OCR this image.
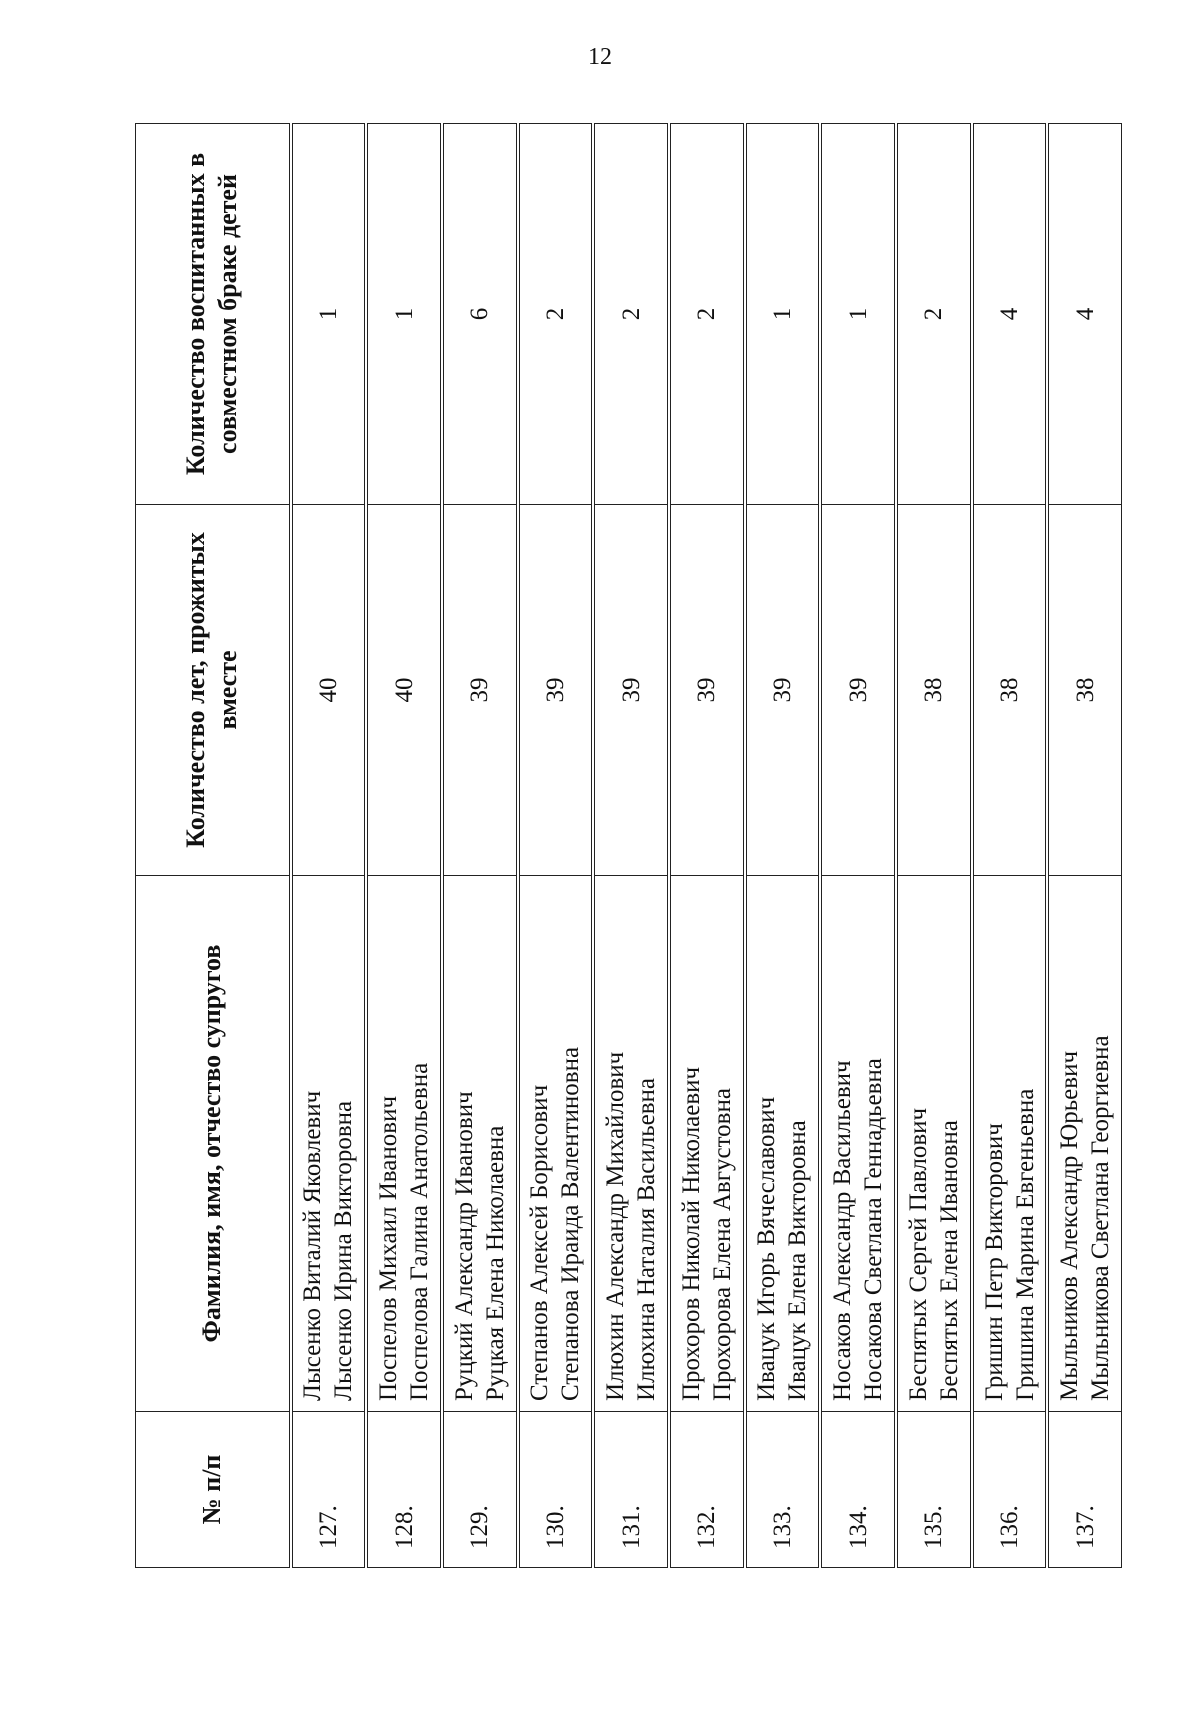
12
№ п/п	Фамилия, имя, отчество супругов	Количество лет, прожитых вместе	Количество воспитанных в совместном браке детей
127.	Лысенко Виталий Яковлевич Лысенко Ирина Викторовна	40	1
128.	Поспелов Михаил Иванович Поспелова Галина Анатольевна	40	1
129.	Руцкий Александр Иванович Руцкая Елена Николаевна	39	6
130.	Степанов Алексей Борисович Степанова Ираида Валентиновна	39	2
131.	Илюхин Александр Михайлович Илюхина Наталия Васильевна	39	2
132.	Прохоров Николай Николаевич Прохорова Елена Августовна	39	2
133.	Ивацук Игорь Вячеславович Ивацук Елена Викторовна	39	1
134.	Носаков Александр Васильевич Носакова Светлана Геннадьевна	39	1
135.	Беспятых Сергей Павлович Беспятых Елена Ивановна	38	2
136.	Гришин Петр Викторович Гришина Марина Евгеньевна	38	4
137.	Мыльников Александр Юрьевич Мыльникова Светлана Георгиевна	38	4
